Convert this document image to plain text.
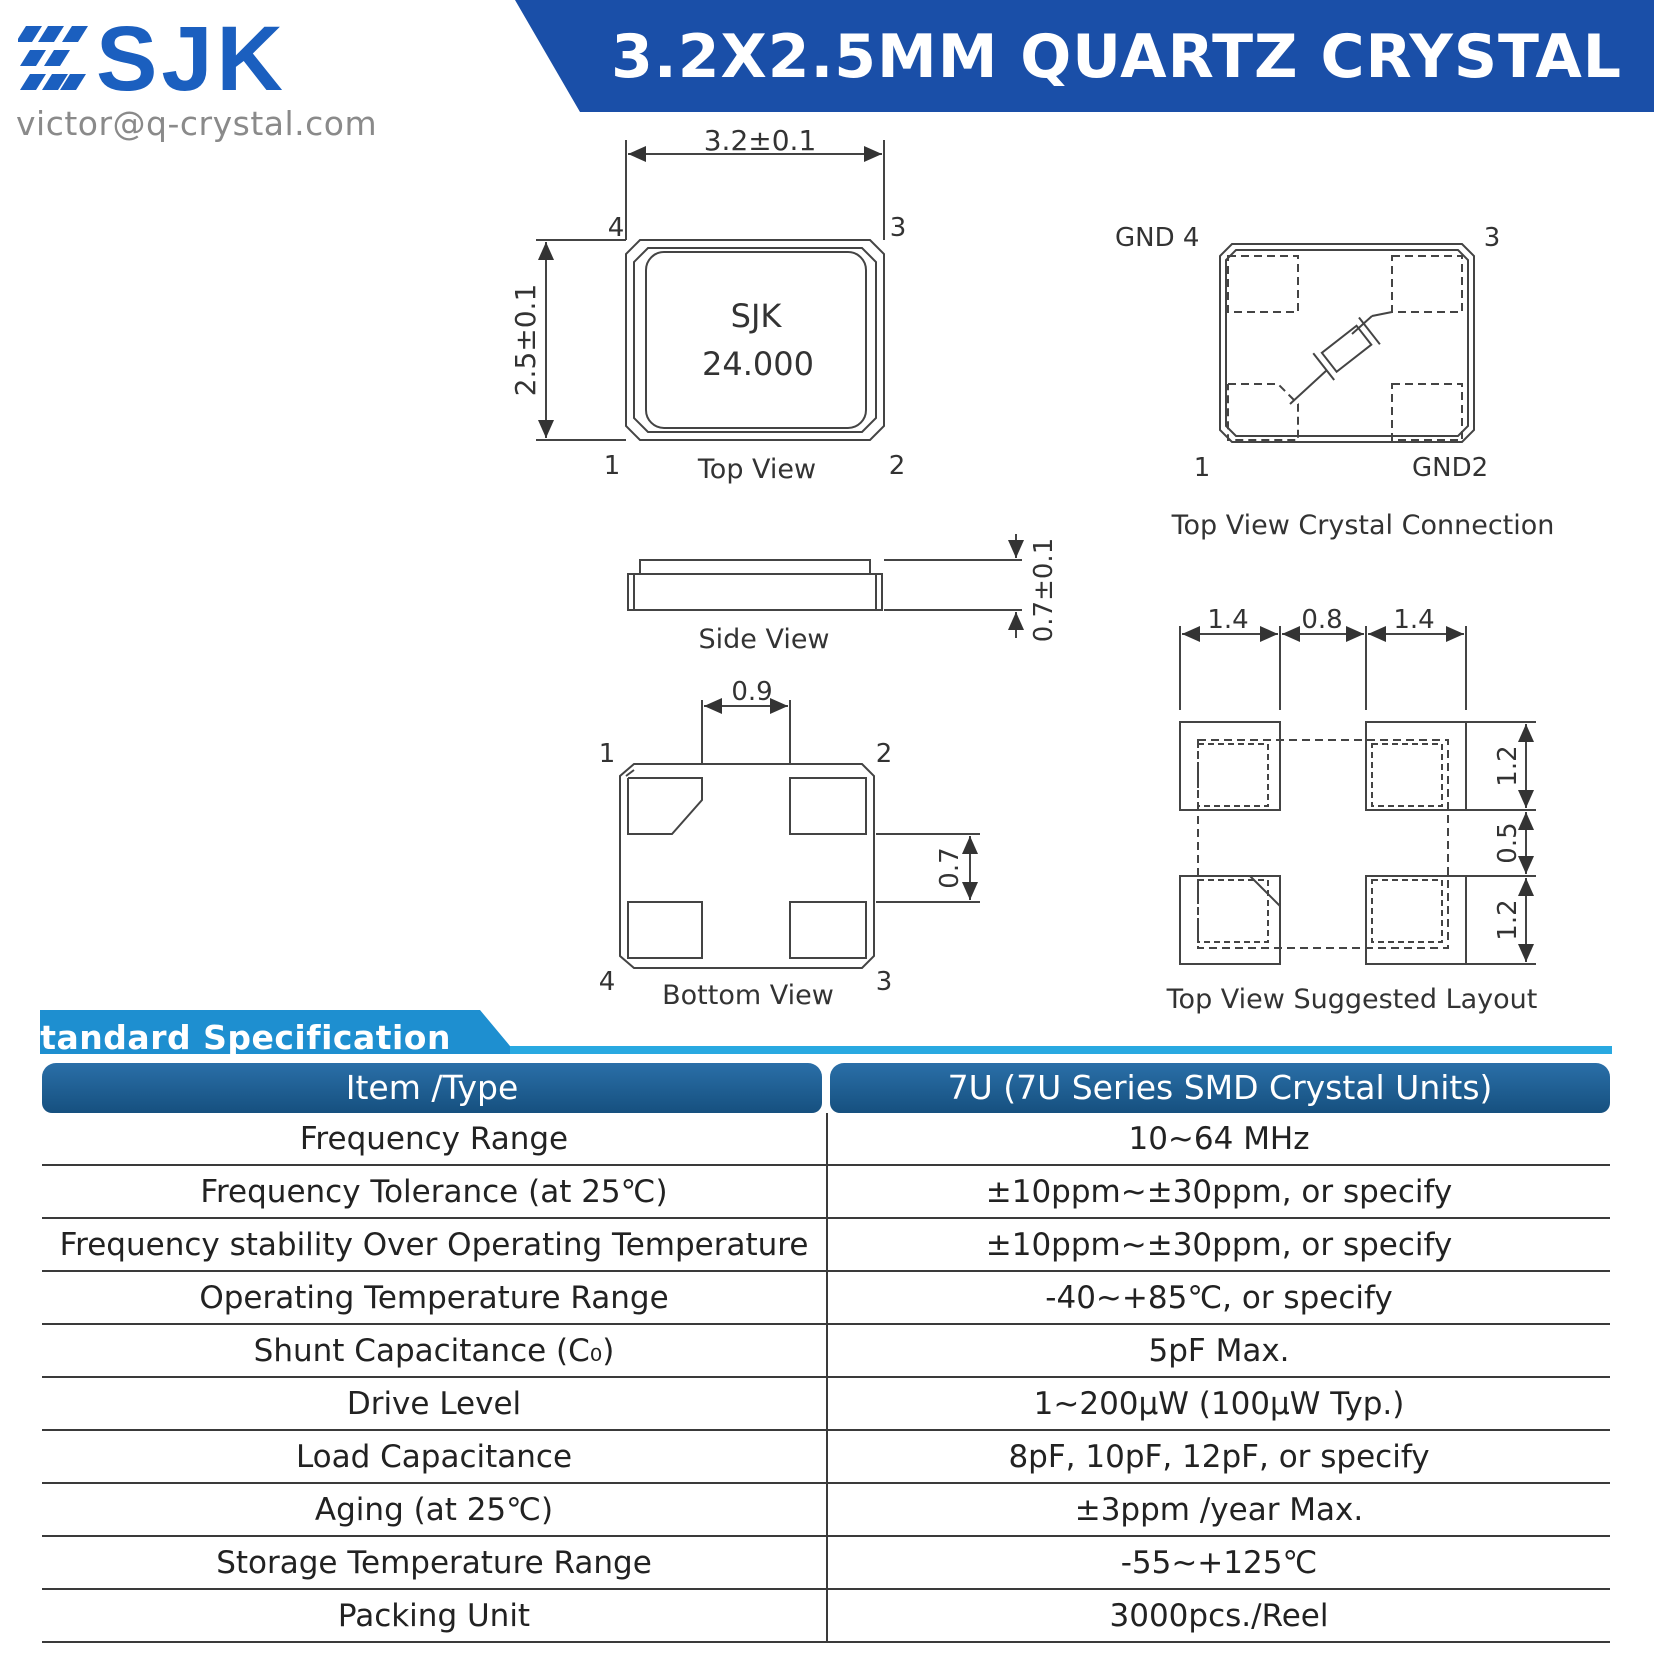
SJK
victor@q-crystal.com
3.2X2.5MM QUARTZ CRYSTAL
3.2±0.1
2.5±0.1	SJK
24.000
4	3
1	2
Top View
GND 4	3
1	GND2
Top View Crystal Connection
0.7±0.1
Side View
0.9
0.7
1	2
4	3
Bottom View
1.4 0.8 1.4
1.2
0.5
1.2
Top View Suggested Layout
Standard Specification
Item /Type	7U (7U Series SMD Crystal Units)
Frequency Range	10~64 MHz
Frequency Tolerance (at 25℃)	±10ppm~±30ppm, or specify
Frequency stability Over Operating Temperature	±10ppm~±30ppm, or specify
Operating Temperature Range	-40~+85℃, or specify
Shunt Capacitance (C₀)	5pF Max.
Drive Level	1~200μW (100μW Typ.)
Load Capacitance	8pF, 10pF, 12pF, or specify
Aging (at 25℃)	±3ppm /year Max.
Storage Temperature Range	-55~+125℃
Packing Unit	3000pcs./Reel
